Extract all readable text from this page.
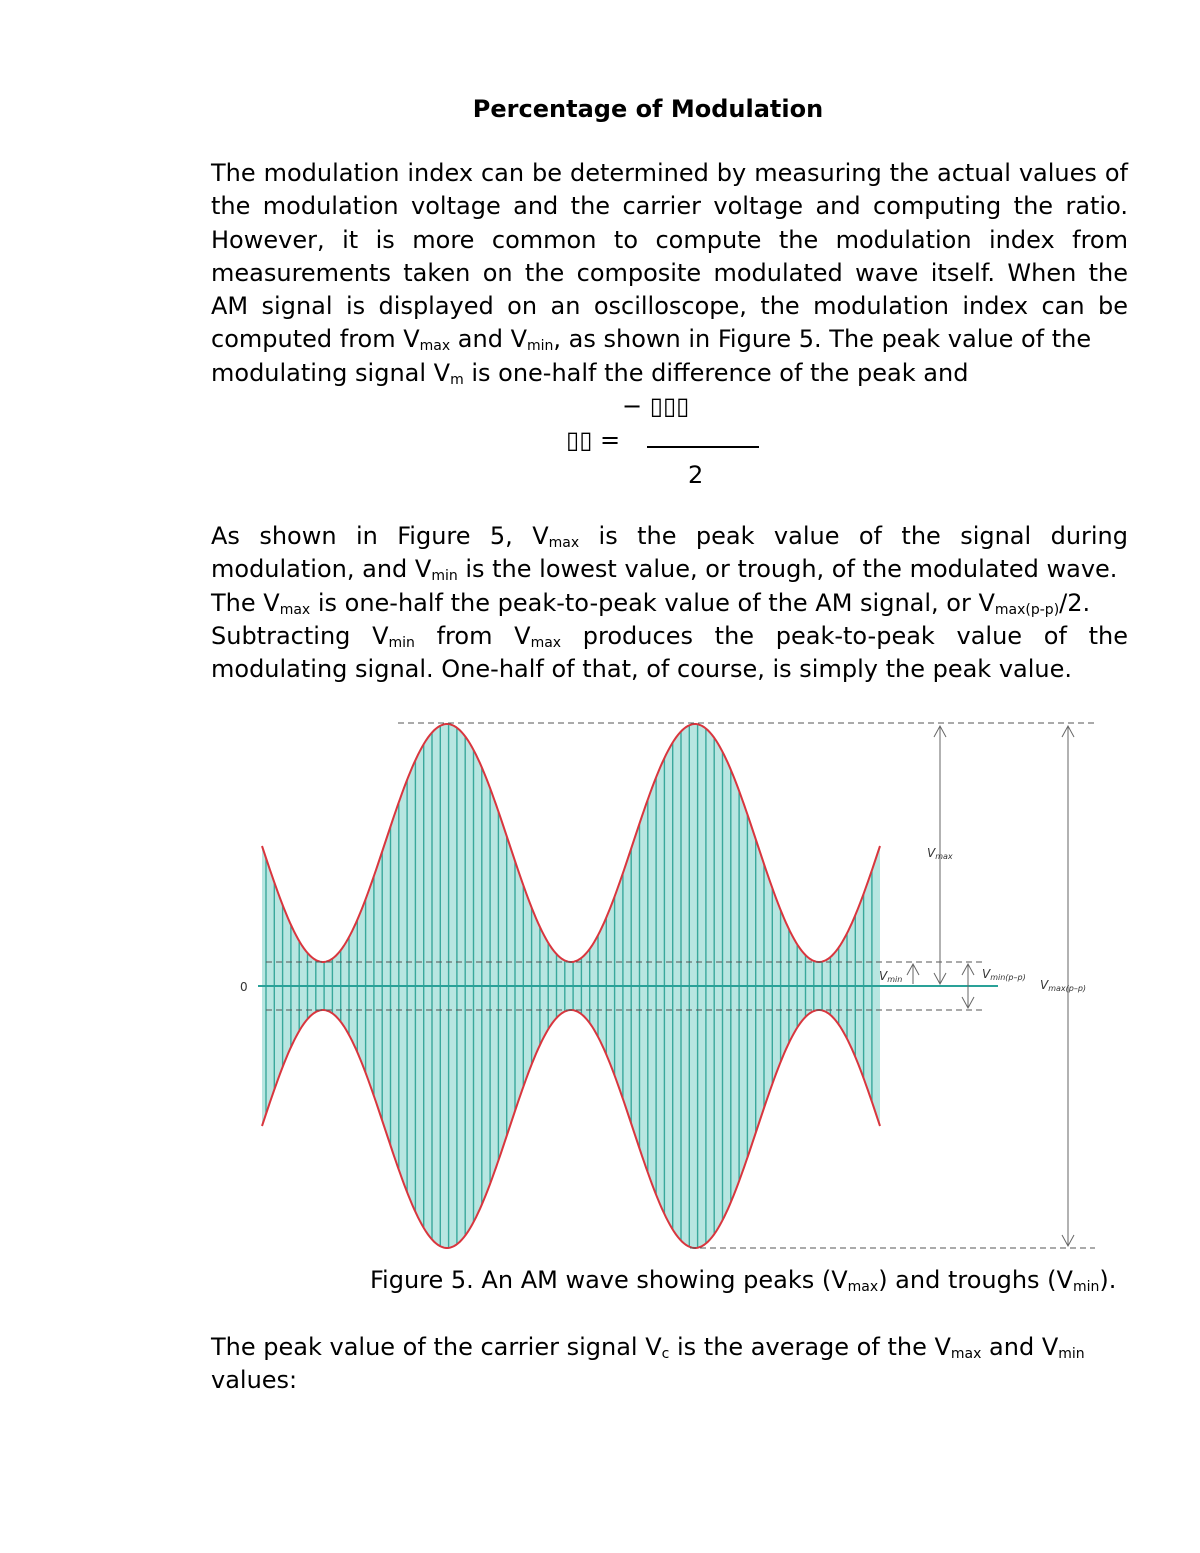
Percentage of Modulation
The modulation index can be determined by measuring the actual values of
the modulation voltage and the carrier voltage and computing the ratio.
However, it is more common to compute the modulation index from
measurements taken on the composite modulated wave itself. When the
AM signal is displayed on an oscilloscope, the modulation index can be
computed from $V_{max}$ and $V_{min}$, as shown in Figure 5. The peak value of the
modulating signal $V_m$ is one-half the difference of the peak and
− ▯▯▯
▯▯ =
2
As shown in Figure 5, $V_{max}$ is the peak value of the signal during
modulation, and $V_{min}$ is the lowest value, or trough, of the modulated wave.
The $V_{max}$ is one-half the peak-to-peak value of the AM signal, or $V_{max(p-p)}/2$.
Subtracting $V_{min}$ from $V_{max}$ produces the peak-to-peak value of the
modulating signal. One-half of that, of course, is simply the peak value.
0
Vmax
Vmin	Vmin(p–p)
Vmax(p–p)
Figure 5. An AM wave showing peaks $(V_{max})$ and troughs $(V_{min})$.
The peak value of the carrier signal $V_c$ is the average of the $V_{max}$ and $V_{min}$
values:
